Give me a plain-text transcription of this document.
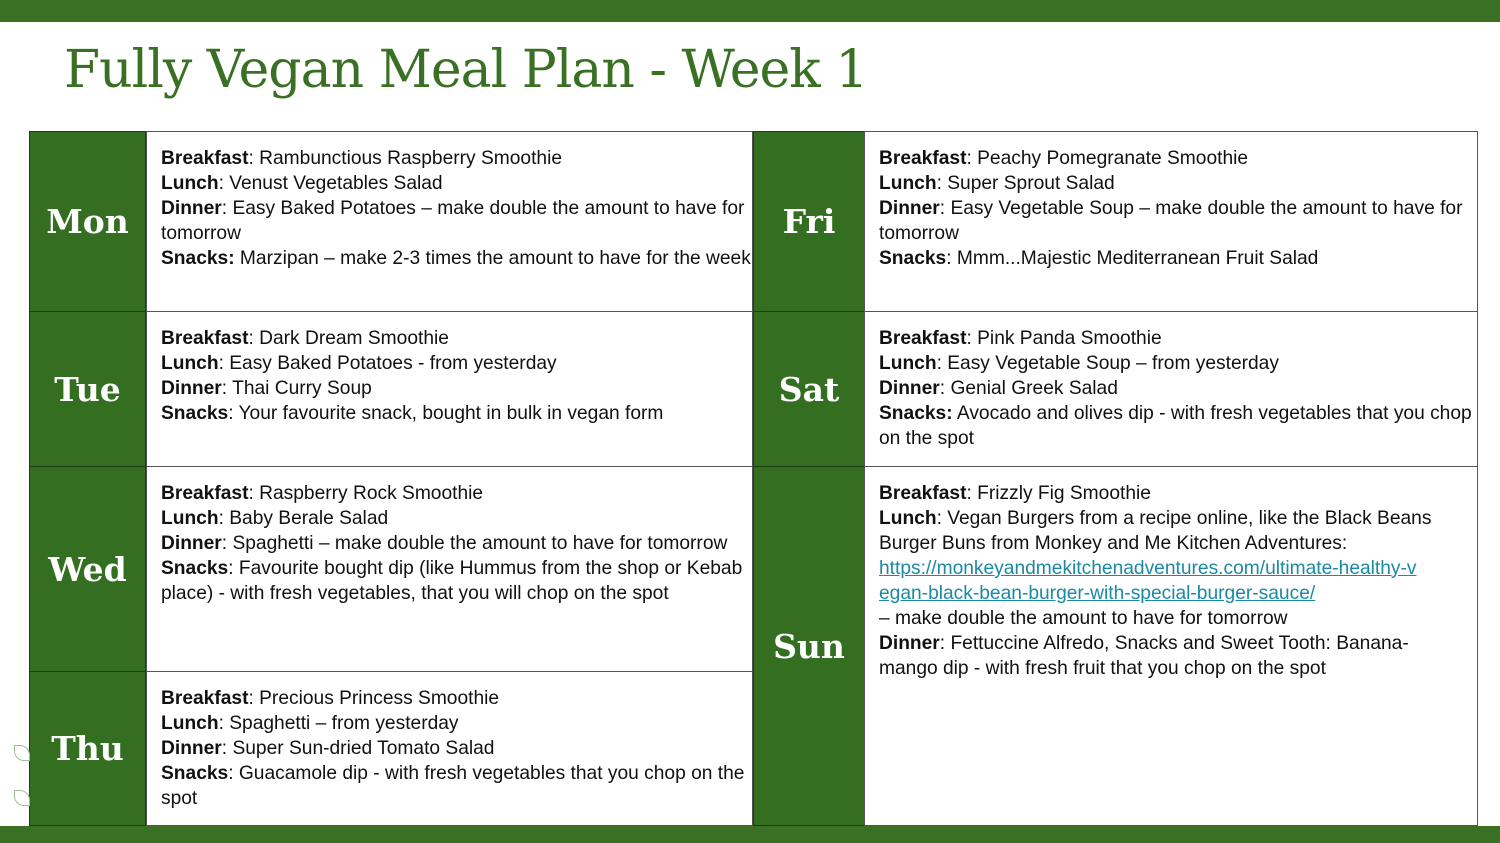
Fully Vegan Meal Plan - Week 1
Mon
Breakfast: Rambunctious Raspberry Smoothie
Lunch: Venust Vegetables Salad
Dinner: Easy Baked Potatoes – make double the amount to have for tomorrow
Snacks: Marzipan – make 2-3 times the amount to have for the week
Tue
Breakfast: Dark Dream Smoothie
Lunch: Easy Baked Potatoes - from yesterday
Dinner: Thai Curry Soup
Snacks: Your favourite snack, bought in bulk in vegan form
Wed
Breakfast: Raspberry Rock Smoothie
Lunch: Baby Berale Salad
Dinner: Spaghetti – make double the amount to have for tomorrow
Snacks: Favourite bought dip (like Hummus from the shop or Kebab place) - with fresh vegetables, that you will chop on the spot
Thu
Breakfast: Precious Princess Smoothie
Lunch: Spaghetti – from yesterday
Dinner: Super Sun-dried Tomato Salad
Snacks: Guacamole dip - with fresh vegetables that you chop on the spot
Fri
Breakfast: Peachy Pomegranate Smoothie
Lunch: Super Sprout Salad
Dinner: Easy Vegetable Soup – make double the amount to have for tomorrow
Snacks: Mmm...Majestic Mediterranean Fruit Salad
Sat
Breakfast: Pink Panda Smoothie
Lunch: Easy Vegetable Soup – from yesterday
Dinner: Genial Greek Salad
Snacks: Avocado and olives dip - with fresh vegetables that you chop on the spot
Sun
Breakfast: Frizzly Fig Smoothie
Lunch: Vegan Burgers from a recipe online, like the Black Beans Burger Buns from Monkey and Me Kitchen Adventures:
https://monkeyandmekitchenadventures.com/ultimate-healthy-v
egan-black-bean-burger-with-special-burger-sauce/
– make double the amount to have for tomorrow
Dinner: Fettuccine Alfredo, Snacks and Sweet Tooth: Banana-mango dip - with fresh fruit that you chop on the spot
